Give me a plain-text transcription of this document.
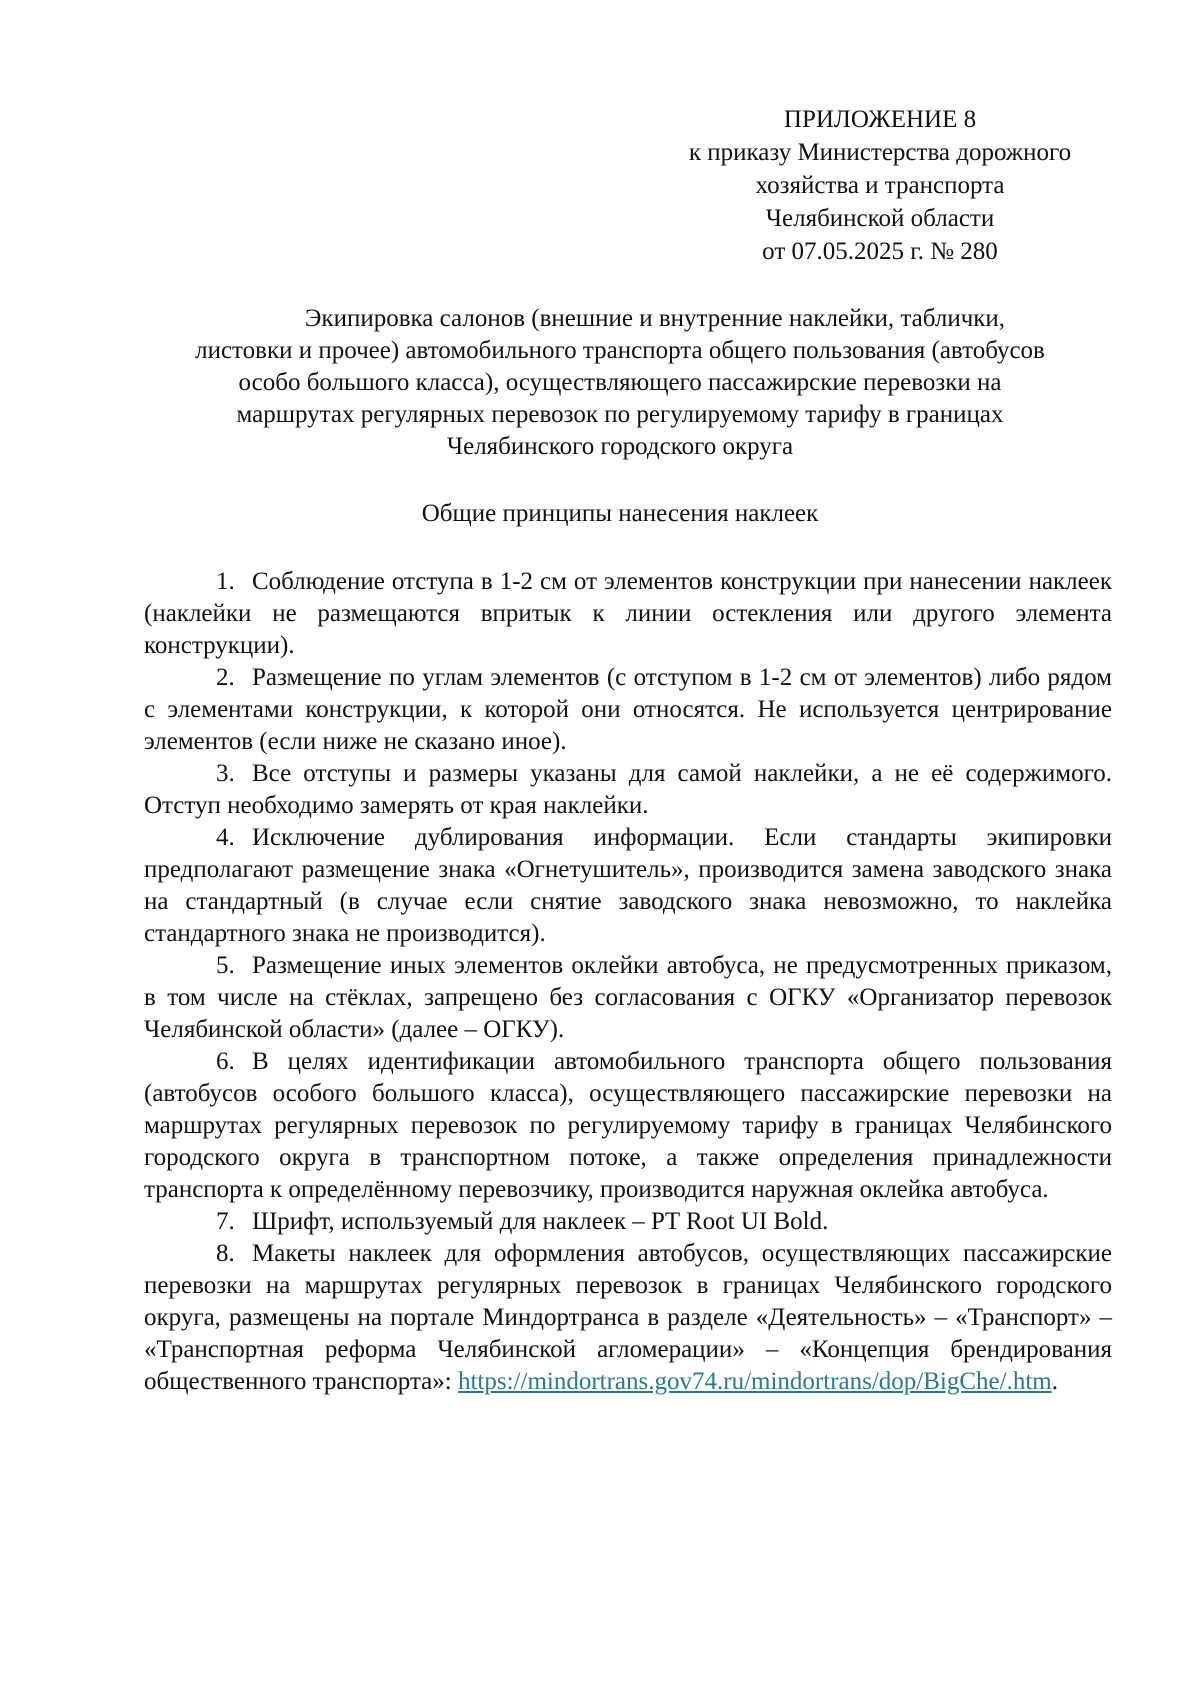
ПРИЛОЖЕНИЕ 8
к приказу Министерства дорожного
хозяйства и транспорта
Челябинской области
от 07.05.2025 г. № 280
Экипировка салонов (внешние и внутренние наклейки, таблички,
листовки и прочее) автомобильного транспорта общего пользования (автобусов
особо большого класса), осуществляющего пассажирские перевозки на
маршрутах регулярных перевозок по регулируемому тарифу в границах
Челябинского городского округа
Общие принципы нанесения наклеек

1. Соблюдение отступа в 1-2 см от элементов конструкции при нанесении наклеек (наклейки не размещаются впритык к линии остекления или другого элемента конструкции).

2. Размещение по углам элементов (с отступом в 1-2 см от элементов) либо рядом с элементами конструкции, к которой они относятся. Не используется центрирование элементов (если ниже не сказано иное).

3. Все отступы и размеры указаны для самой наклейки, а не её содержимого. Отступ необходимо замерять от края наклейки.

4. Исключение дублирования информации. Если стандарты экипировки предполагают размещение знака «Огнетушитель», производится замена заводского знака на стандартный (в случае если снятие заводского знака невозможно, то наклейка стандартного знака не производится).

5. Размещение иных элементов оклейки автобуса, не предусмотренных приказом, в том числе на стёклах, запрещено без согласования с ОГКУ «Организатор перевозок Челябинской области» (далее – ОГКУ).

6. В целях идентификации автомобильного транспорта общего пользования (автобусов особого большого класса), осуществляющего пассажирские перевозки на маршрутах регулярных перевозок по регулируемому тарифу в границах Челябинского городского округа в транспортном потоке, а также определения принадлежности транспорта к определённому перевозчику, производится наружная оклейка автобуса.

7. Шрифт, используемый для наклеек – PT Root UI Bold.

8. Макеты наклеек для оформления автобусов, осуществляющих пассажирские перевозки на маршрутах регулярных перевозок в границах Челябинского городского округа, размещены на портале Миндортранса в разделе «Деятельность» – «Транспорт» – «Транспортная реформа Челябинской агломерации» – «Концепция брендирования общественного транспорта»: https://mindortrans.gov74.ru/mindortrans/dop/BigChe/.htm.
